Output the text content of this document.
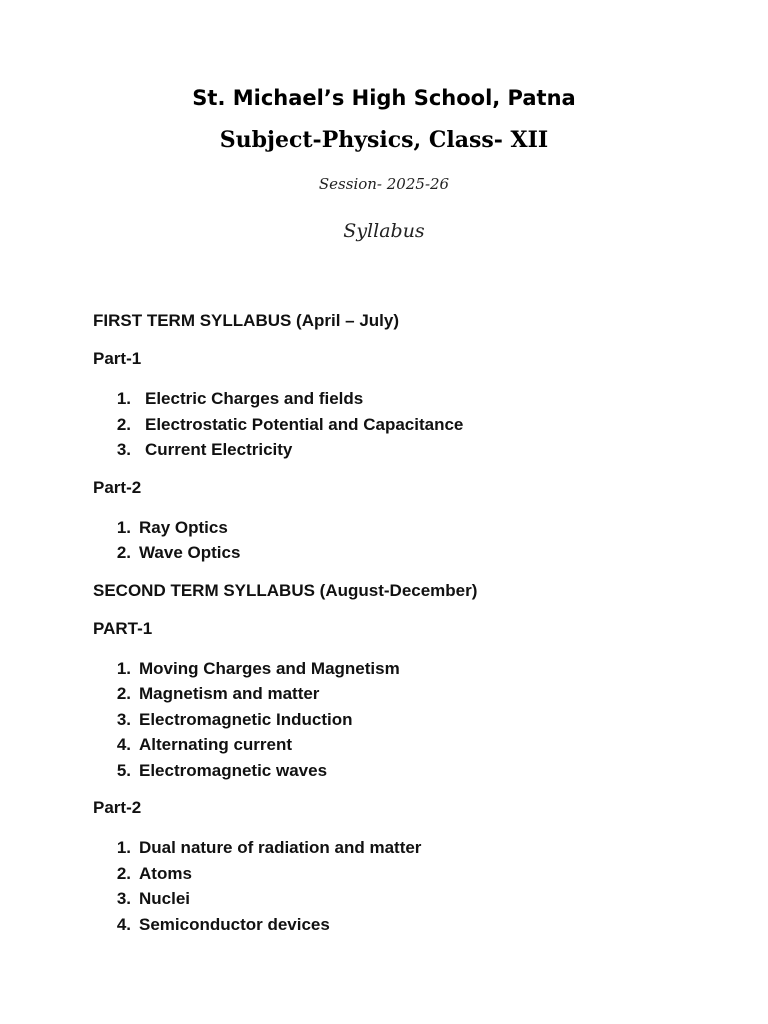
St. Michael’s High School, Patna
Subject-Physics, Class- XII
Session- 2025-26
Syllabus
FIRST TERM SYLLABUS (April – July)
Part-1
1. Electric Charges and fields
2. Electrostatic Potential and Capacitance
3. Current Electricity
Part-2
1. Ray Optics
2. Wave Optics
SECOND TERM SYLLABUS (August-December)
PART-1
1. Moving Charges and Magnetism
2. Magnetism and matter
3. Electromagnetic Induction
4. Alternating current
5. Electromagnetic waves
Part-2
1. Dual nature of radiation and matter
2. Atoms
3. Nuclei
4. Semiconductor devices
